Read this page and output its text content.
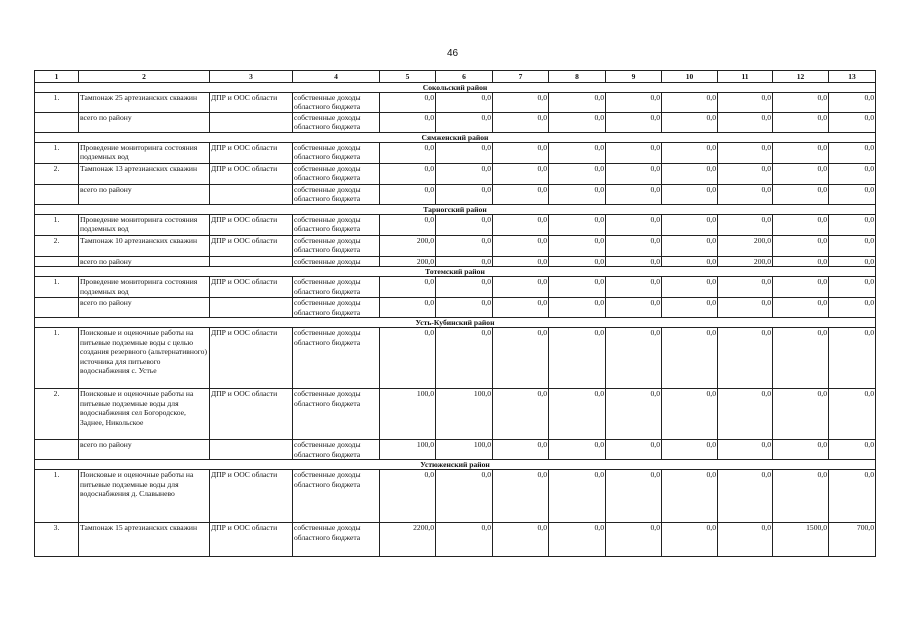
46
1	2	3	4	5	6	7	8	9	10	11	12	13
Сокольский район												
1.	Тампонаж 25 артезианских скважин	ДПР и ООС области	собственные доходы областного бюджета	0,0	0,0	0,0	0,0	0,0	0,0	0,0	0,0	0,0
	всего по району		собственные доходы областного бюджета	0,0	0,0	0,0	0,0	0,0	0,0	0,0	0,0	0,0
Сямженский район												
1.	Проведение мониторинга состояния подземных вод	ДПР и ООС области	собственные доходы областного бюджета	0,0	0,0	0,0	0,0	0,0	0,0	0,0	0,0	0,0
2.	Тампонаж 13 артезианских скважин	ДПР и ООС области	собственные доходы областного бюджета	0,0	0,0	0,0	0,0	0,0	0,0	0,0	0,0	0,0
	всего по району		собственные доходы областного бюджета	0,0	0,0	0,0	0,0	0,0	0,0	0,0	0,0	0,0
Тарногский район												
1.	Проведение мониторинга состояния подземных вод	ДПР и ООС области	собственные доходы областного бюджета	0,0	0,0	0,0	0,0	0,0	0,0	0,0	0,0	0,0
2.	Тампонаж 10 артезианских скважин	ДПР и ООС области	собственные доходы областного бюджета	200,0	0,0	0,0	0,0	0,0	0,0	200,0	0,0	0,0
	всего по району		собственные доходы	200,0	0,0	0,0	0,0	0,0	0,0	200,0	0,0	0,0
Тотемский район												
1.	Проведение мониторинга состояния подземных вод	ДПР и ООС области	собственные доходы областного бюджета	0,0	0,0	0,0	0,0	0,0	0,0	0,0	0,0	0,0
	всего по району		собственные доходы областного бюджета	0,0	0,0	0,0	0,0	0,0	0,0	0,0	0,0	0,0
Усть-Кубинский район												
1.	Поисковые и оценочные работы на питьевые подземные воды с целью создания резервного (альтернативного) источника для питьевого водоснабжения с. Устье	ДПР и ООС области	собственные доходы областного бюджета	0,0	0,0	0,0	0,0	0,0	0,0	0,0	0,0	0,0
2.	Поисковые и оценочные работы на питьевые подземные воды для водоснабжения сел Богородское, Заднее, Никольское	ДПР и ООС области	собственные доходы областного бюджета	100,0	100,0	0,0	0,0	0,0	0,0	0,0	0,0	0,0
	всего по району		собственные доходы областного бюджета	100,0	100,0	0,0	0,0	0,0	0,0	0,0	0,0	0,0
Устюженский район												
1.	Поисковые и оценочные работы на питьевые подземные воды для водоснабжения д. Славынево	ДПР и ООС области	собственные доходы областного бюджета	0,0	0,0	0,0	0,0	0,0	0,0	0,0	0,0	0,0
3.	Тампонаж 15 артезианских скважин	ДПР и ООС области	собственные доходы областного бюджета	2200,0	0,0	0,0	0,0	0,0	0,0	0,0	1500,0	700,0
